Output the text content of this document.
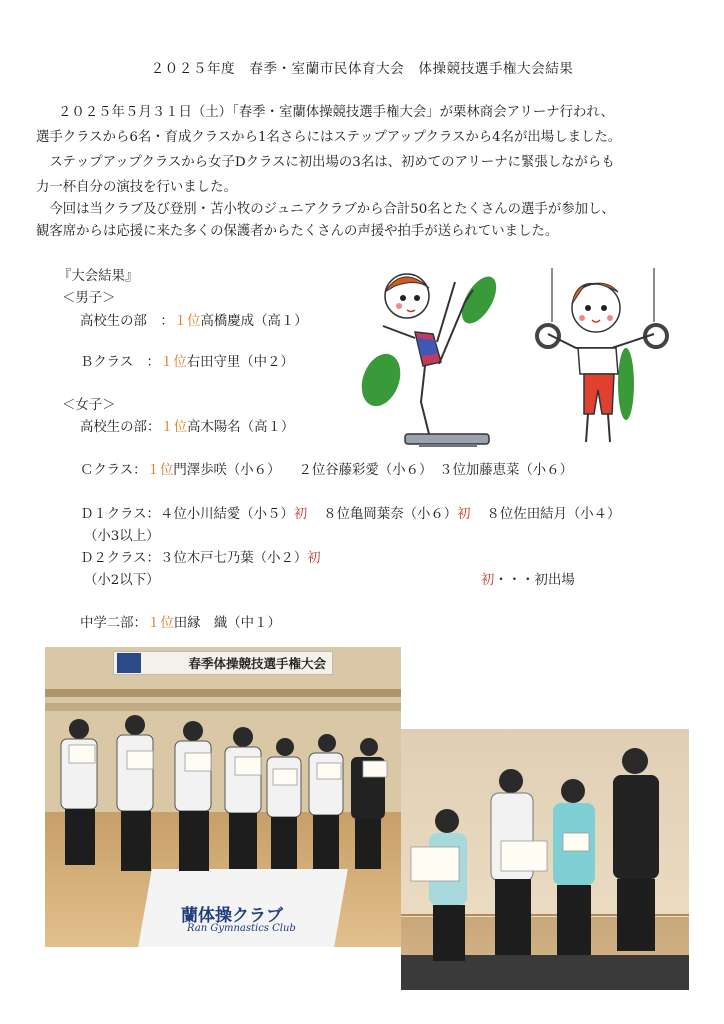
２０２５年度　春季・室蘭市民体育大会　体操競技選手権大会結果
２０２５年５月３１日（土）「春季・室蘭体操競技選手権大会」が栗林商会アリーナ行われ、
選手クラスから6名・育成クラスから1名さらにはステップアップクラスから4名が出場しました。
　ステップアップクラスから女子Dクラスに初出場の3名は、初めてのアリーナに緊張しながらも
力一杯自分の演技を行いました。
　今回は当クラブ及び登別・苫小牧のジュニアクラブから合計50名とたくさんの選手が参加し、
観客席からは応援に来た多くの保護者からたくさんの声援や拍手が送られていました。
『大会結果』
＜男子＞
高校生の部　：１位高橋慶成（高１）
Ｂクラス　：１位右田守里（中２）
＜女子＞
高校生の部：１位高木陽名（高１）
Ｃクラス：１位門澤歩咲（小６） ２位谷藤彩愛（小６）　３位加藤恵菜（小６）
Ｄ１クラス：４位小川結愛（小５）初 ８位亀岡葉奈（小６）初 ８位佐田結月（小４）
（小3以上）
Ｄ２クラス：３位木戸七乃葉（小２）初
（小2以下）	初・・・初出場
中学二部：１位田縁　織（中１）
春季体操競技選手権大会
蘭体操クラブ
Ran Gymnastics Club
